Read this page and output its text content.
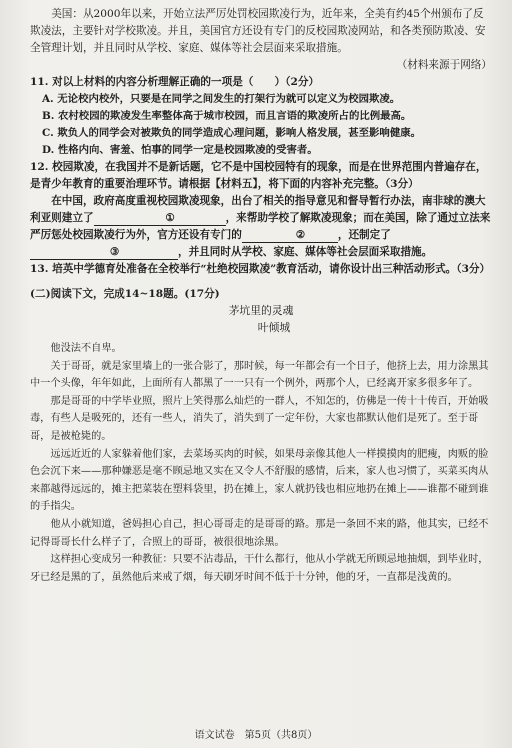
美国：从2000年以来，开始立法严厉处罚校园欺凌行为，近年来，全美有约45个州颁布了反欺凌法，主要针对学校欺凌。并且，美国官方还设有专门的反校园欺凌网站，和各类预防欺凌、安全管理计划，并且同时从学校、家庭、媒体等社会层面来采取措施。

（材料来源于网络）

11. 对以上材料的内容分析理解正确的一项是（　　）（2分）

A. 无论校内校外，只要是在同学之间发生的打架行为就可以定义为校园欺凌。

B. 农村校园的欺凌发生率整体高于城市校园，而且言语的欺凌所占的比例最高。

C. 欺负人的同学会对被欺负的同学造成心理问题，影响人格发展，甚至影响健康。

D. 性格内向、害羞、怕事的同学一定是校园欺凌的受害者。

12. 校园欺凌，在我国并不是新话题，它不是中国校园特有的现象，而是在世界范围内普遍存在，是青少年教育的重要治理环节。请根据【材料五】，将下面的内容补充完整。（3分）

在中国，政府高度重视校园欺凌现象，出台了相关的指导意见和督导暂行办法，南非球的澳大利亚则建立了	①	，来帮助学校了解欺凌现象；而在美国，除了通过立法来严厉惩处校园欺凌行为外，官方还设有专门的	②	，还制定了③	，并且同时从学校、家庭、媒体等社会层面采取措施。

13. 培英中学德育处准备在全校举行“杜绝校园欺凌”教育活动，请你设计出三种活动形式。（3分）

(二)阅读下文，完成14~18题。(17分)

茅坑里的灵魂

叶倾城

他没法不自卑。

关于哥哥，就是家里墙上的一张合影了，那时候，每一年都会有一个日子，他挤上去，用力涂黑其中一个头像，年年如此，上面所有人都黑了一一只有一个例外，两那个人，已经离开家多很多年了。

那是哥哥的中学毕业照，照片上笑得那么灿烂的一群人，不知怎的，仿佛是一传十十传百，开始吸毒，有些人是吸死的，还有一些人，消失了，消失到了一定年份，大家也都默认他们是死了。至于哥哥，是被枪毙的。

远远近近的人家躲着他们家，去菜场买肉的时候，如果母亲像其他人一样摸摸肉的肥瘦，肉贩的脸色会沉下来——那种嫌恶是毫不顾忌地又实在又令人不舒服的感情，后来，家人也习惯了，买菜买肉从来都越得远远的，摊主把菜装在塑料袋里，扔在摊上，家人就扔钱也相应地扔在摊上——谁都不碰到谁的手指尖。

他从小就知道，爸妈担心自己，担心哥哥走的是哥哥的路。那是一条回不来的路，他其实，已经不记得哥哥长什么样子了，合照上的哥哥，被很很地涂黑。

这样担心变成另一种教征：只要不沾毒品，干什么都行，他从小学就无所顾忌地抽烟，到毕业时，牙已经是黑的了，虽然他后来戒了烟，每天刷牙时间不低于十分钟，他的牙，一直都是浅黄的。

语文试卷　第5页（共8页）
